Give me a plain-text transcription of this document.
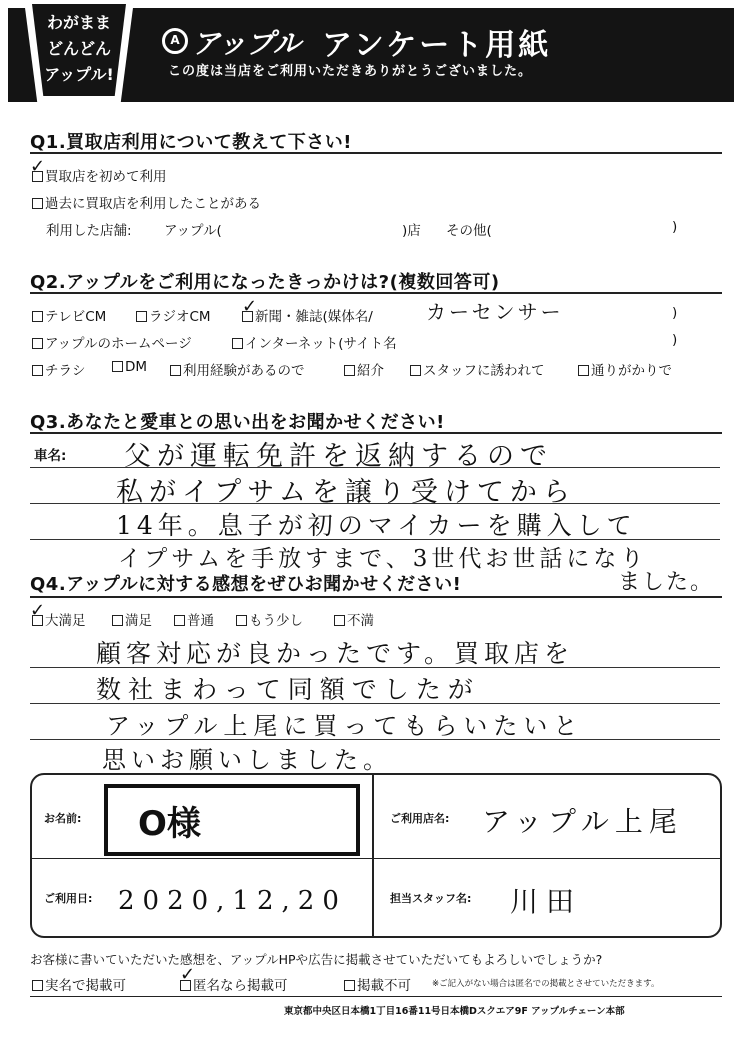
わがまま
どんどん
アップル!
A アップル アンケート用紙
この度は当店をご利用いただきありがとうございました。
Q1.買取店利用について教えて下さい!
買取店を初めて利用
✓
過去に買取店を利用したことがある
利用した店舗: アップル(	)店 その他(	)
Q2.アップルをご利用になったきっかけは?(複数回答可)
テレビCM	ラジオCM	新聞・雑誌(媒体名/
✓	カーセンサー	)
アップルのホームページ	インターネット(サイト名	)
チラシ	DM	利用経験があるので	紹介	スタッフに誘われて	通りがかりで
Q3.あなたと愛車との思い出をお聞かせください!
車名: 父が運転免許を返納するので
私がイプサムを譲り受けてから
14年。息子が初のマイカーを購入して
イプサムを手放すまで、3世代お世話になり
ました。
Q4.アップルに対する感想をぜひお聞かせください!
大満足
✓	満足	普通	もう少し	不満
顧客対応が良かったです。買取店を
数社まわって同額でしたが
アップル上尾に買ってもらいたいと
思いお願いしました。
お名前: O様	ご利用店名: アップル上尾
ご利用日: 2020,12,20	担当スタッフ名: 川田
お客様に書いていただいた感想を、アップルHPや広告に掲載させていただいてもよろしいでしょうか?
実名で掲載可	匿名なら掲載可
✓
掲載不可 ※ご記入がない場合は匿名での掲載とさせていただきます。
東京都中央区日本橋1丁目16番11号日本橋Dスクエア9F アップルチェーン本部
